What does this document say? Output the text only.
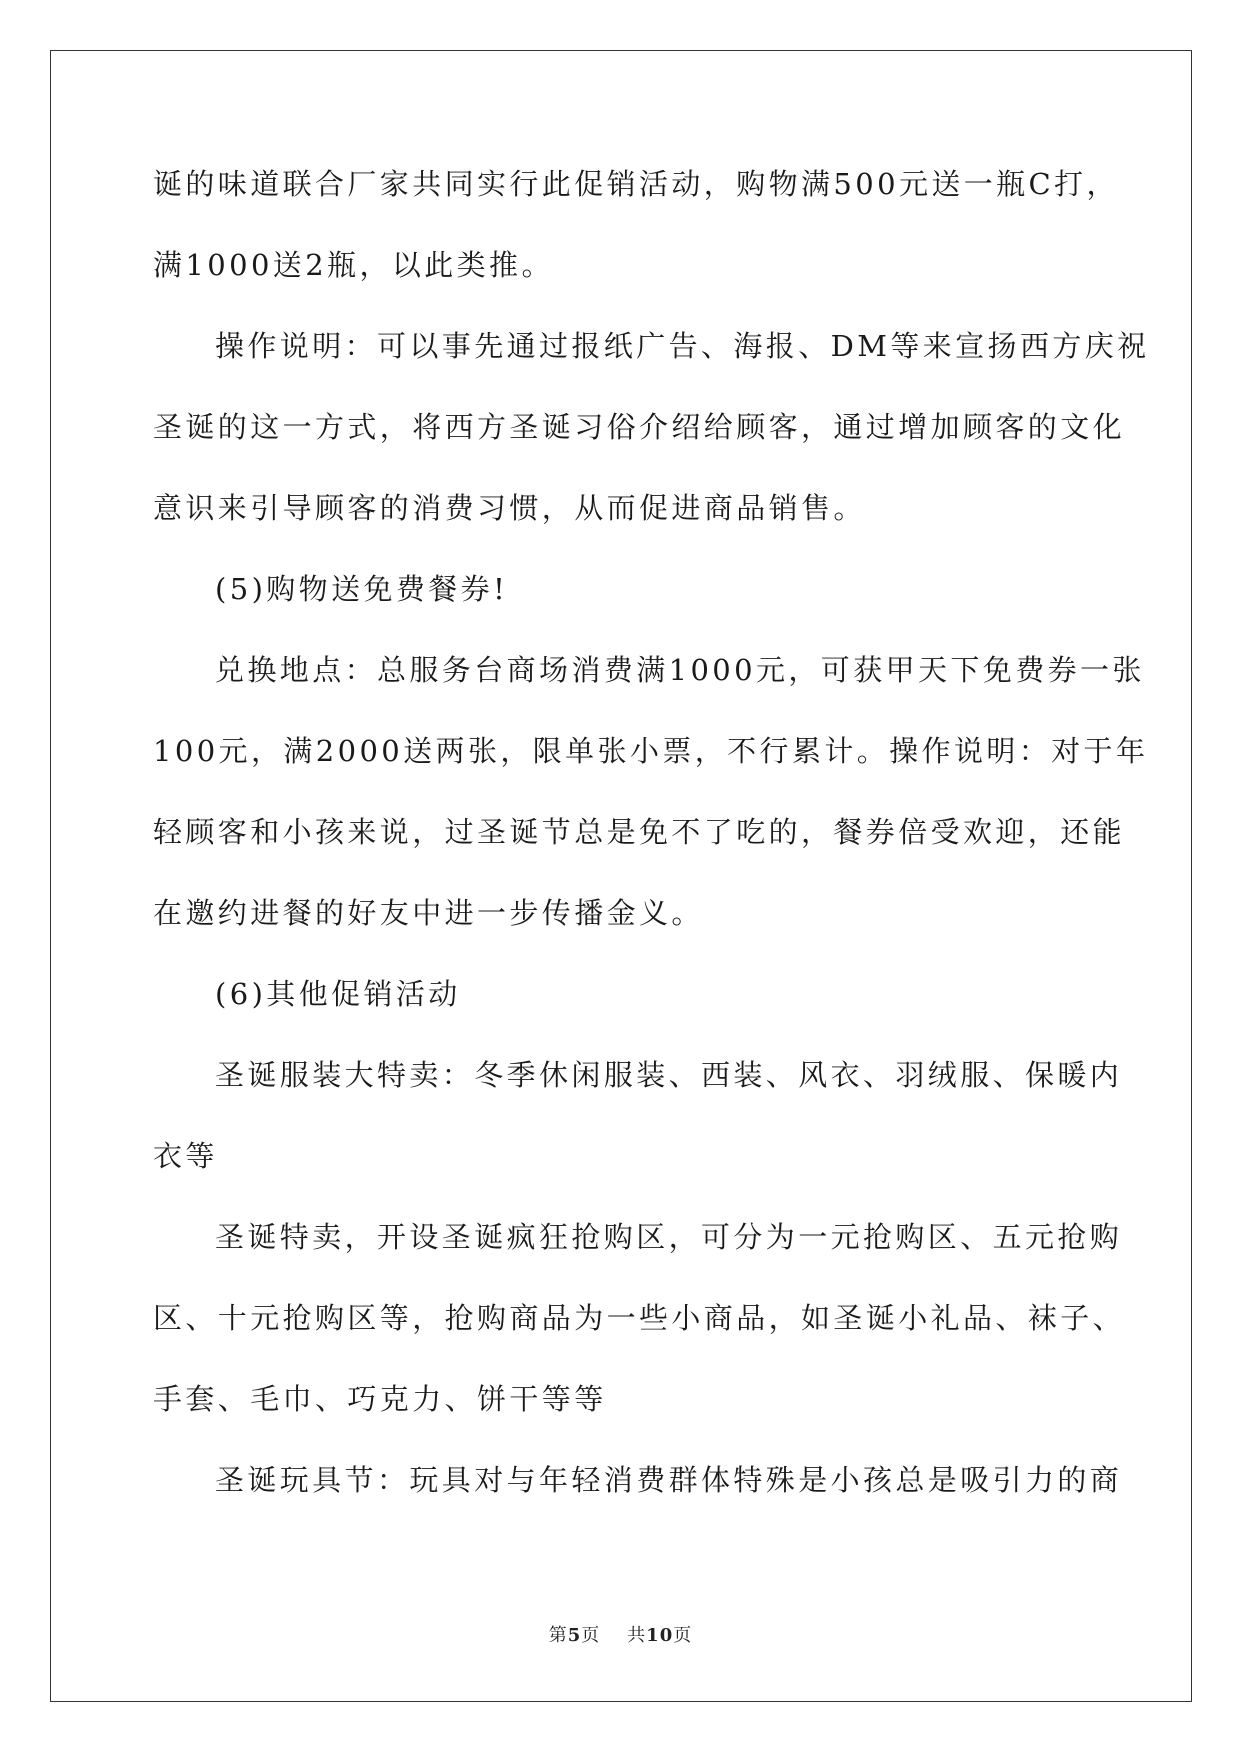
诞的味道联合厂家共同实行此促销活动，购物满500元送一瓶C打，
满1000送2瓶，以此类推。
操作说明：可以事先通过报纸广告、海报、DM等来宣扬西方庆祝
圣诞的这一方式，将西方圣诞习俗介绍给顾客，通过增加顾客的文化
意识来引导顾客的消费习惯，从而促进商品销售。
(5)购物送免费餐券!
兑换地点：总服务台商场消费满1000元，可获甲天下免费券一张
100元，满2000送两张，限单张小票，不行累计。操作说明：对于年
轻顾客和小孩来说，过圣诞节总是免不了吃的，餐券倍受欢迎，还能
在邀约进餐的好友中进一步传播金义。
(6)其他促销活动
圣诞服装大特卖：冬季休闲服装、西装、风衣、羽绒服、保暖内
衣等
圣诞特卖，开设圣诞疯狂抢购区，可分为一元抢购区、五元抢购
区、十元抢购区等，抢购商品为一些小商品，如圣诞小礼品、袜子、
手套、毛巾、巧克力、饼干等等
圣诞玩具节：玩具对与年轻消费群体特殊是小孩总是吸引力的商
第5页 共10页
